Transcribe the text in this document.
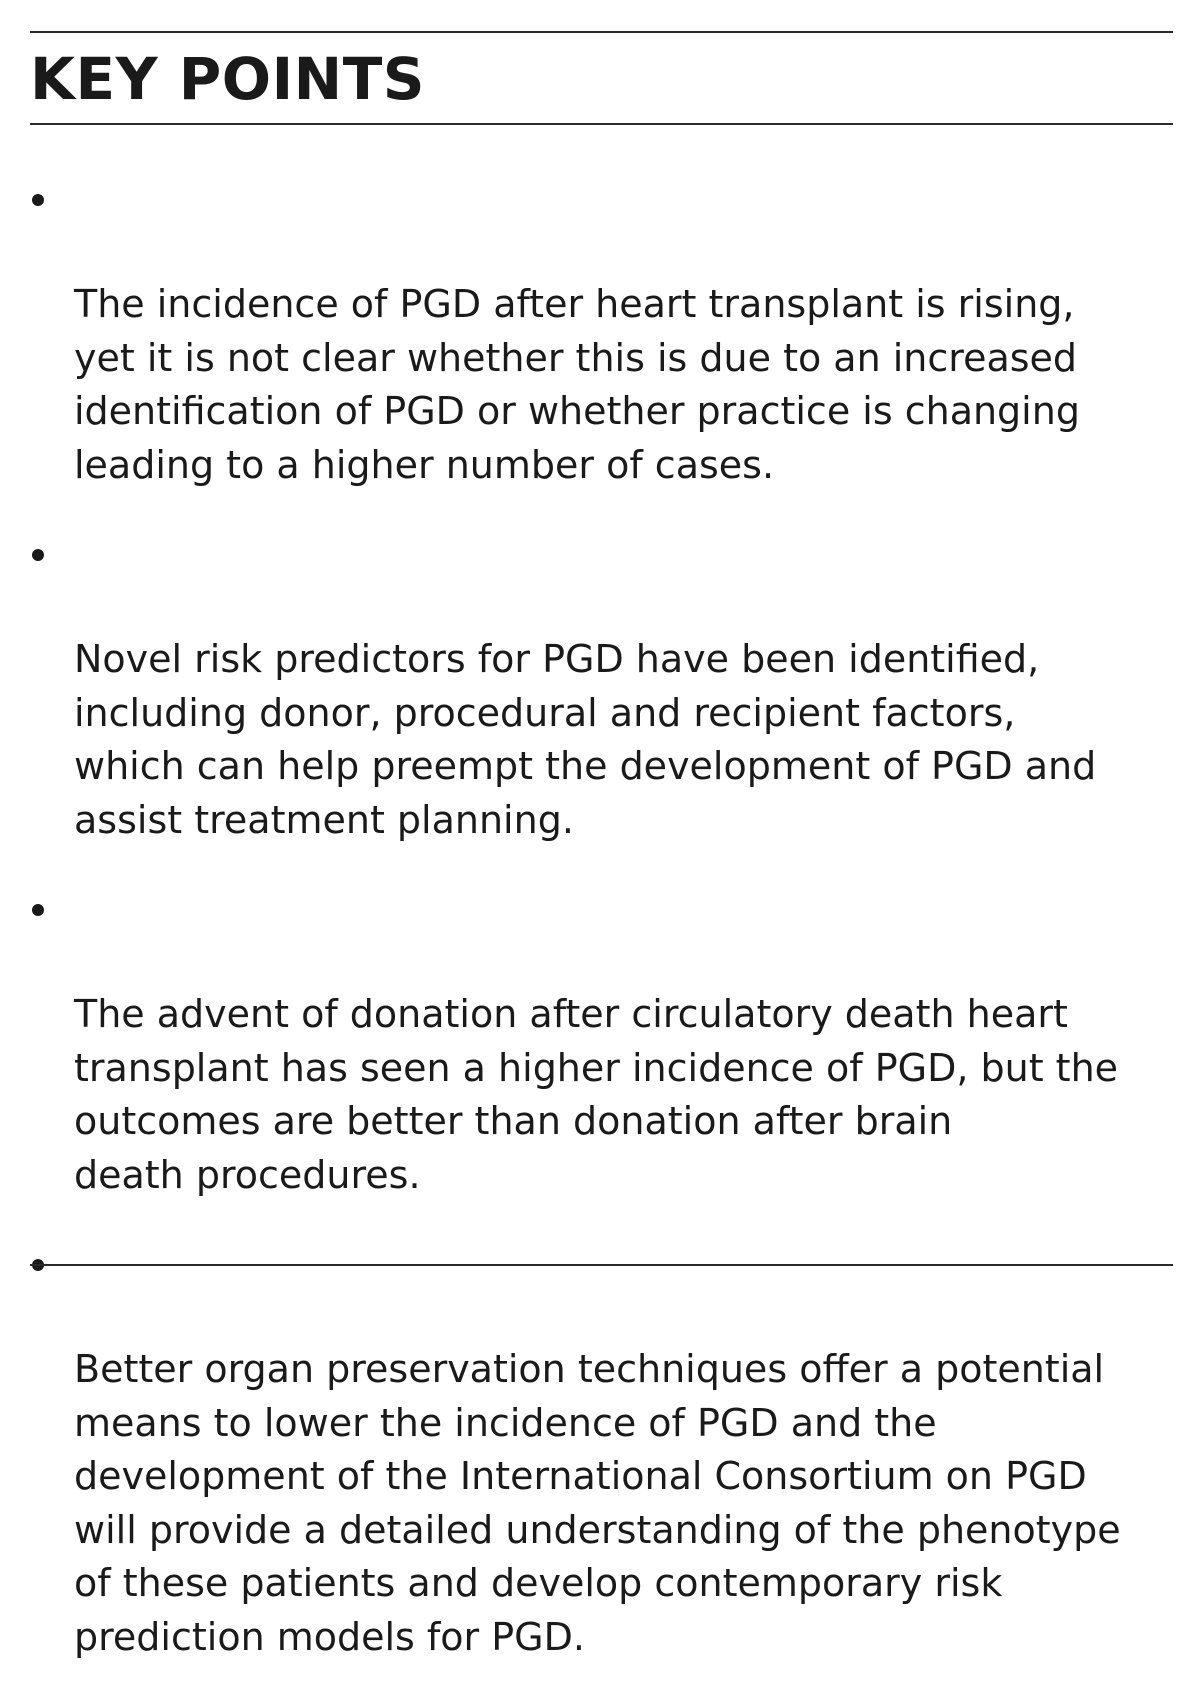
KEY POINTS

The incidence of PGD after heart transplant is rising,
yet it is not clear whether this is due to an increased
identification of PGD or whether practice is changing
leading to a higher number of cases.

Novel risk predictors for PGD have been identified,
including donor, procedural and recipient factors,
which can help preempt the development of PGD and
assist treatment planning.

The advent of donation after circulatory death heart
transplant has seen a higher incidence of PGD, but the
outcomes are better than donation after brain
death procedures.

Better organ preservation techniques offer a potential
means to lower the incidence of PGD and the
development of the International Consortium on PGD
will provide a detailed understanding of the phenotype
of these patients and develop contemporary risk
prediction models for PGD.
